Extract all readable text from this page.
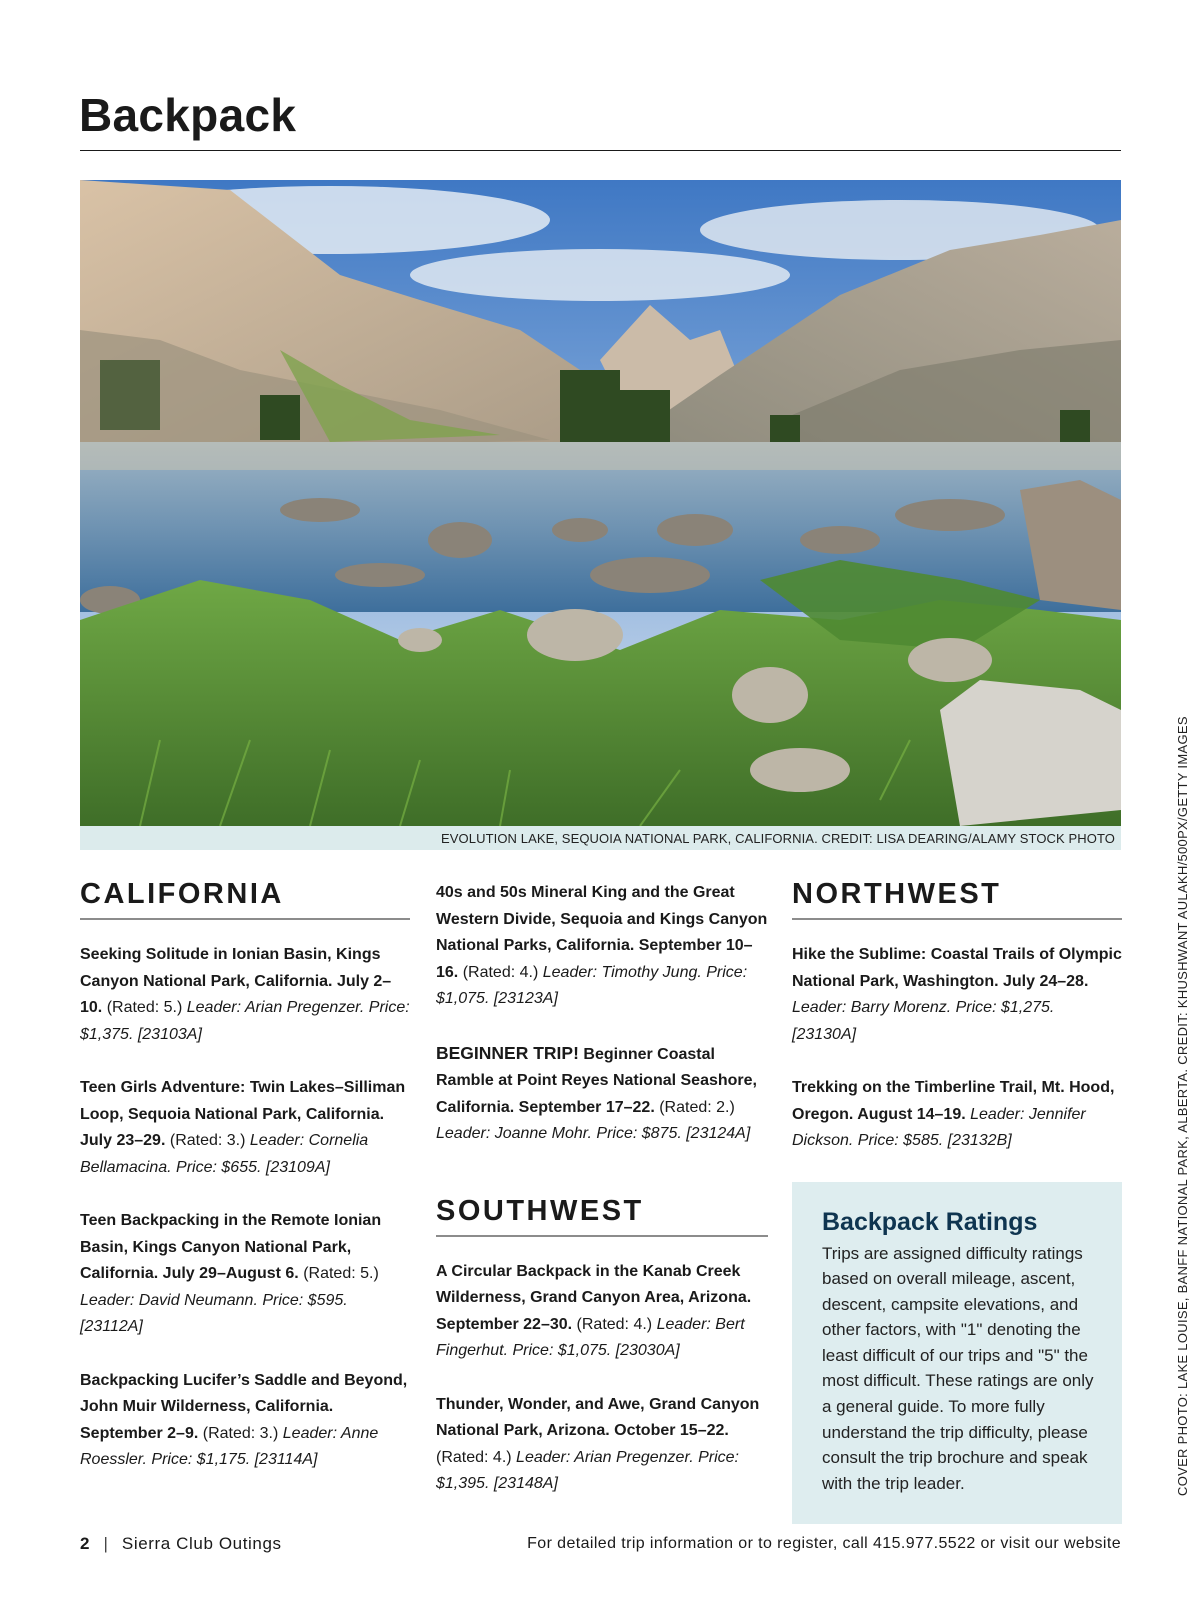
Backpack
EVOLUTION LAKE, SEQUOIA NATIONAL PARK, CALIFORNIA. CREDIT: LISA DEARING/ALAMY STOCK PHOTO
CALIFORNIA

Seeking Solitude in Ionian Basin, Kings Canyon National Park, California. July 2–10. (Rated: 5.) Leader: Arian Pregenzer. Price: $1,375. [23103A]

Teen Girls Adventure: Twin Lakes–Silliman Loop, Sequoia National Park, California. July 23–29. (Rated: 3.) Leader: Cornelia Bellamacina. Price: $655. [23109A]

Teen Backpacking in the Remote Ionian Basin, Kings Canyon National Park, California. July 29–August 6. (Rated: 5.) Leader: David Neumann. Price: $595. [23112A]

Backpacking Lucifer’s Saddle and Beyond, John Muir Wilderness, California. September 2–9. (Rated: 3.) Leader: Anne Roessler. Price: $1,175. [23114A]

40s and 50s Mineral King and the Great Western Divide, Sequoia and Kings Canyon National Parks, California. September 10–16. (Rated: 4.) Leader: Timothy Jung. Price: $1,075. [23123A]

BEGINNER TRIP! Beginner Coastal Ramble at Point Reyes National Seashore, California. September 17–22. (Rated: 2.) Leader: Joanne Mohr. Price: $875. [23124A]

SOUTHWEST

A Circular Backpack in the Kanab Creek Wilderness, Grand Canyon Area, Arizona. September 22–30. (Rated: 4.) Leader: Bert Fingerhut. Price: $1,075. [23030A]

Thunder, Wonder, and Awe, Grand Canyon National Park, Arizona. October 15–22. (Rated: 4.) Leader: Arian Pregenzer. Price: $1,395. [23148A]

NORTHWEST

Hike the Sublime: Coastal Trails of Olympic National Park, Washington. July 24–28. Leader: Barry Morenz. Price: $1,275. [23130A]

Trekking on the Timberline Trail, Mt. Hood, Oregon. August 14–19. Leader: Jennifer Dickson. Price: $585. [23132B]

Backpack Ratings

Trips are assigned difficulty ratings based on overall mileage, ascent, descent, campsite elevations, and other factors, with "1" denoting the least difficult of our trips and "5" the most difficult. These ratings are only a general guide. To more fully understand the trip difficulty, please consult the trip brochure and speak with the trip leader.	COVER PHOTO: LAKE LOUISE, BANFF NATIONAL PARK, ALBERTA. CREDIT: KHUSHWANT AULAKH/500PX/GETTY IMAGES
2 | Sierra Club Outings	For detailed trip information or to register, call 415.977.5522 or visit our website
